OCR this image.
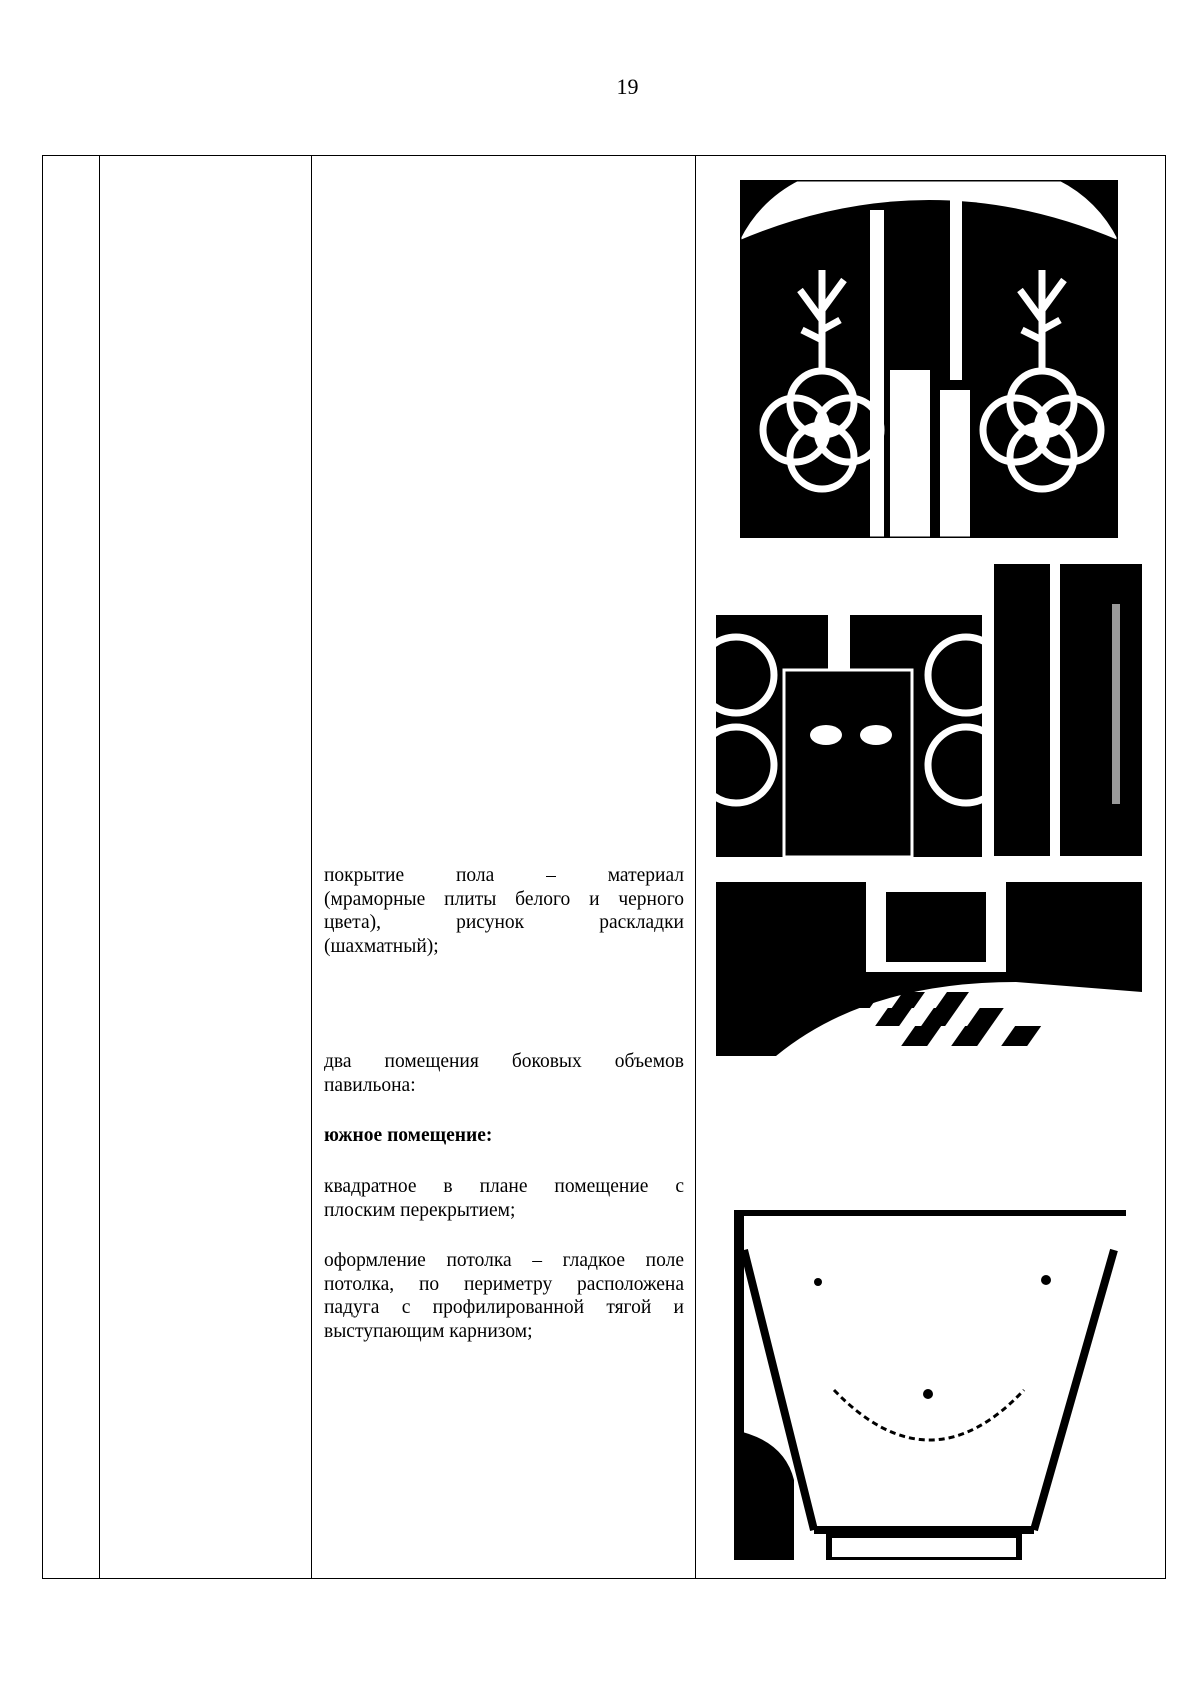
19
покрытие пола – материал
(мраморные плиты белого и черного
цвета), рисунок раскладки
(шахматный);
два помещения боковых объемов
павильона:
южное помещение:
квадратное в плане помещение с
плоским перекрытием;
оформление потолка – гладкое поле
потолка, по периметру расположена
падуга с профилированной тягой и
выступающим карнизом;
